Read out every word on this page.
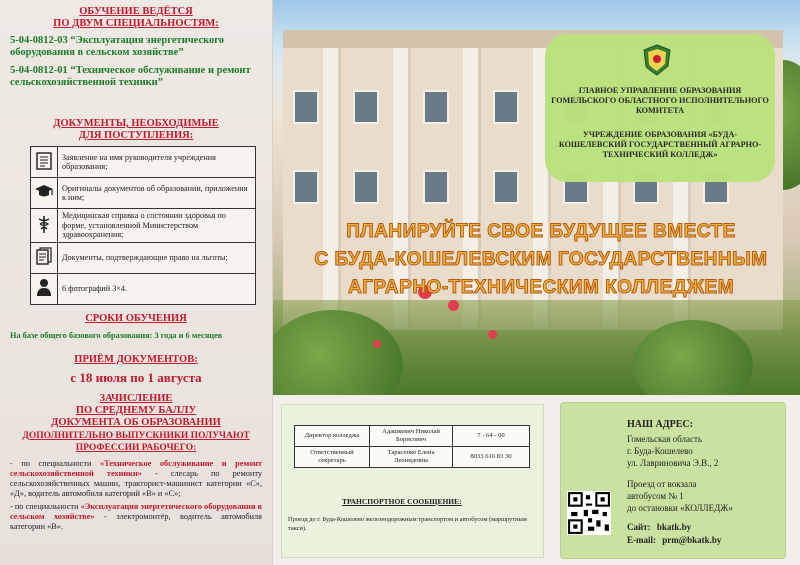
ОБУЧЕНИЕ ВЕДЁТСЯ

ПО ДВУМ СПЕЦИАЛЬНОСТЯМ:

5-04-0812-03 “Эксплуатация энергетического оборудования в сельском хозяйстве”

5-04-0812-01 “Техническое обслуживание и ремонт сельскохозяйственной техники”

ДОКУМЕНТЫ, НЕОБХОДИМЫЕ

ДЛЯ ПОСТУПЛЕНИЯ:

	Заявление на имя руководителя учреждения образования;
	Оригиналы документов об образовании, приложения к ним;
	Медицинская справка о состоянии здоровья по форме, установленной Министерством здравоохранения;
	Документы, подтверждающие право на льготы;
	6 фотографий 3×4.

СРОКИ ОБУЧЕНИЯ

На базе общего базового образования: 3 года и 6 месяцев

ПРИЁМ ДОКУМЕНТОВ:

с 18 июля по 1 августа

ЗАЧИСЛЕНИЕ

ПО СРЕДНЕМУ БАЛЛУ

ДОКУМЕНТА ОБ ОБРАЗОВАНИИ

ДОПОЛНИТЕЛЬНО ВЫПУСКНИКИ ПОЛУЧАЮТ

ПРОФЕССИИ РАБОЧЕГО:

- по специальности «Техническое обслуживание и ремонт сельскохозяйственной техники» - слесарь по ремонту сельскохозяйственных машин, тракторист-машинист категории «С», «Д», водитель автомобиля категорий «В» и «С»;

- по специальности «Эксплуатация энергетического оборудования в сельском хозяйстве» - электромонтёр, водитель автомобиля категории «В».

ГЛАВНОЕ УПРАВЛЕНИЕ ОБРАЗОВАНИЯ ГОМЕЛЬСКОГО ОБЛАСТНОГО ИСПОЛНИТЕЛЬНОГО КОМИТЕТА
УЧРЕЖДЕНИЕ ОБРАЗОВАНИЯ «БУДА-КОШЕЛЕВСКИЙ ГОСУДАРСТВЕННЫЙ АГРАРНО-ТЕХНИЧЕСКИЙ КОЛЛЕДЖ»
ПЛАНИРУЙТЕ СВОЕ БУДУЩЕЕ ВМЕСТЕ
С БУДА-КОШЕЛЕВСКИМ ГОСУДАРСТВЕННЫМ
АГРАРНО-ТЕХНИЧЕСКИМ КОЛЛЕДЖЕМ
Директор колледжа	Адашкевич Николай Борисович	7 - 64 - 00
Ответственный секретарь	Тарасенко Елена Леонидовна	8033 616 83 30
ТРАНСПОРТНОЕ СООБЩЕНИЕ:
Проезд до г. Буда-Кошелево железнодорожным транспортом и автобусом (маршрутным такси).
НАШ АДРЕС:
Гомельская область
г. Буда-Кошелево
ул. Лавриновича Э.В., 2
Проезд от вокзала
автобусом № 1
до остановки «КОЛЛЕДЖ»
Сайт: bkatk.by
E-mail: prm@bkatk.by
